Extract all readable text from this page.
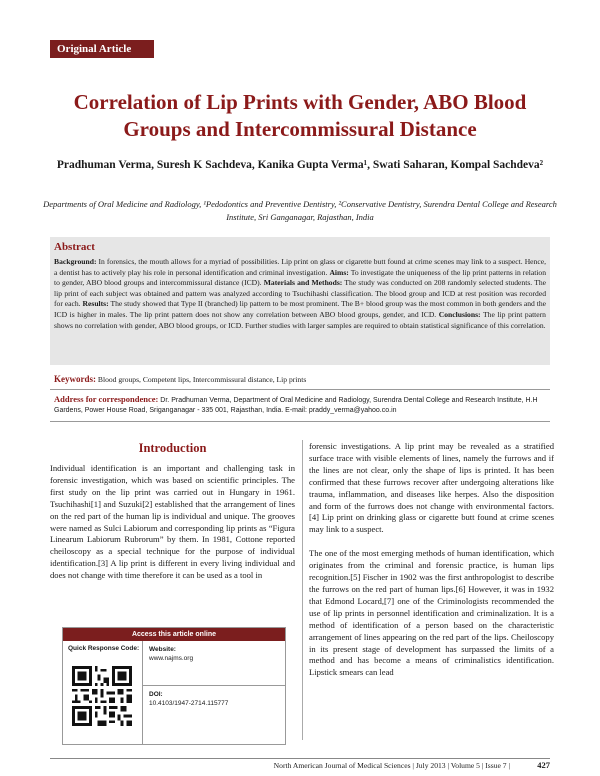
Original Article
Correlation of Lip Prints with Gender, ABO Blood Groups and Intercommissural Distance
Pradhuman Verma, Suresh K Sachdeva, Kanika Gupta Verma¹, Swati Saharan, Kompal Sachdeva²
Departments of Oral Medicine and Radiology, ¹Pedodontics and Preventive Dentistry, ²Conservative Dentistry, Surendra Dental College and Research Institute, Sri Ganganagar, Rajasthan, India
Abstract
Background: In forensics, the mouth allows for a myriad of possibilities. Lip print on glass or cigarette butt found at crime scenes may link to a suspect. Hence, a dentist has to actively play his role in personal identification and criminal investigation. Aims: To investigate the uniqueness of the lip print patterns in relation to gender, ABO blood groups and intercommissural distance (ICD). Materials and Methods: The study was conducted on 208 randomly selected students. The lip print of each subject was obtained and pattern was analyzed according to Tsuchihashi classification. The blood group and ICD at rest position was recorded for each. Results: The study showed that Type II (branched) lip pattern to be most prominent. The B+ blood group was the most common in both genders and the ICD is higher in males. The lip print pattern does not show any correlation between ABO blood groups, gender, and ICD. Conclusions: The lip print pattern shows no correlation with gender, ABO blood groups, or ICD. Further studies with larger samples are required to obtain statistical significance of this correlation.
Keywords: Blood groups, Competent lips, Intercommissural distance, Lip prints
Address for correspondence: Dr. Pradhuman Verma, Department of Oral Medicine and Radiology, Surendra Dental College and Research Institute, H.H Gardens, Power House Road, Sriganganagar - 335 001, Rajasthan, India. E-mail: praddy_verma@yahoo.co.in
Introduction

Individual identification is an important and challenging task in forensic investigation, which was based on scientific principles. The first study on the lip print was carried out in Hungary in 1961. Tsuchihashi[1] and Suzuki[2] established that the arrangement of lines on the red part of the human lip is individual and unique. The grooves were named as Sulci Labiorum and corresponding lip prints as “Figura Linearum Labiorum Rubrorum” by them. In 1981, Cottone reported cheiloscopy as a special technique for the purpose of individual identification.[3] A lip print is different in every living individual and does not change with time therefore it can be used as a tool in

forensic investigations. A lip print may be revealed as a stratified surface trace with visible elements of lines, namely the furrows and if the lines are not clear, only the shape of lips is printed. It has been confirmed that these furrows recover after undergoing alterations like trauma, inflammation, and diseases like herpes. Also the disposition and form of the furrows does not change with environmental factors.[4] Lip print on drinking glass or cigarette butt found at crime scenes may link to a suspect.

The one of the most emerging methods of human identification, which originates from the criminal and forensic practice, is human lips recognition.[5] Fischer in 1902 was the first anthropologist to describe the furrows on the red part of human lips.[6] However, it was in 1932 that Edmond Locard,[7] one of the Criminologists recommended the use of lip prints in personnel identification and criminalization. It is a method of identification of a person based on the characteristic arrangement of lines appearing on the red part of the lips. Cheiloscopy in its present stage of development has surpassed the limits of a method and has become a means of criminalistics identification. Lipstick smears can lead

Access this article online
Quick Response Code:	Website:
www.najms.org
DOI:
10.4103/1947-2714.115777
North American Journal of Medical Sciences | July 2013 | Volume 5 | Issue 7 |	427
